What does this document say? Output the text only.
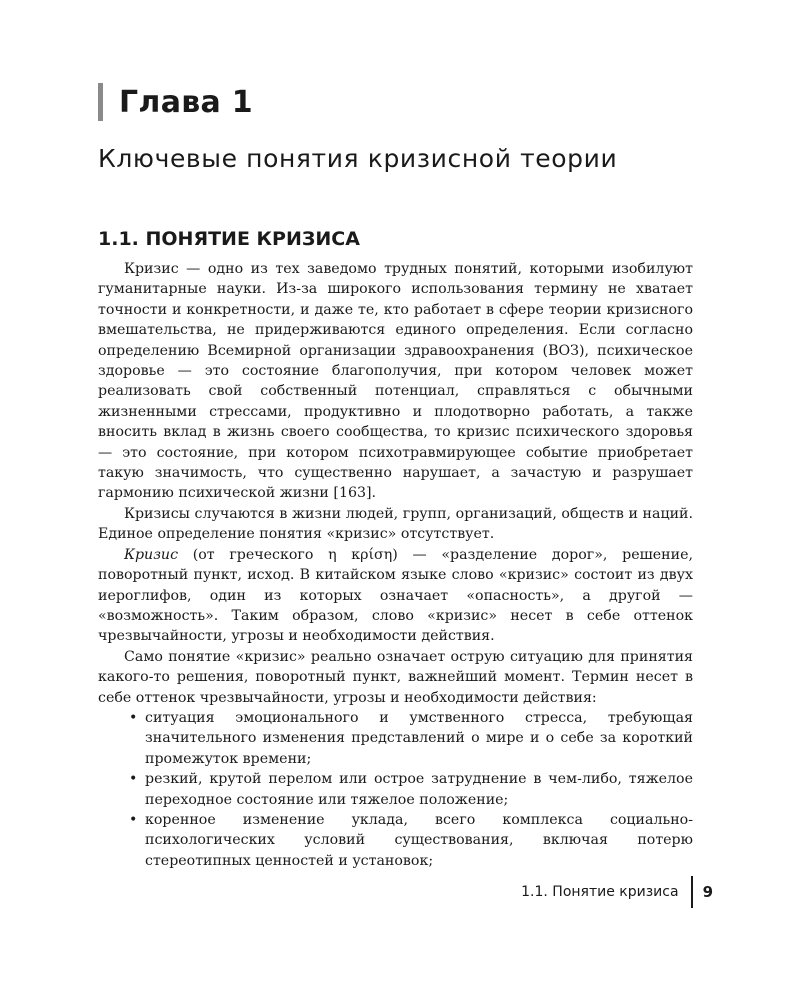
Глава 1
Ключевые понятия кризисной теории
1.1. ПОНЯТИЕ КРИЗИСА

Кризис — одно из тех заведомо трудных понятий, которыми изобилуют гуманитарные науки. Из-за широкого использования термину не хватает точности и конкретности, и даже те, кто работает в сфере теории кризисного вмешательства, не придерживаются единого определения. Если согласно определению Всемирной организации здравоохранения (ВОЗ), психическое здоровье — это состояние благополучия, при котором человек может реализовать свой собственный потенциал, справляться с обычными жизненными стрессами, продуктивно и плодотворно работать, а также вносить вклад в жизнь своего сообщества, то кризис психического здоровья — это состояние, при котором психотравмирующее событие приобретает такую значимость, что существенно нарушает, а зачастую и разрушает гармонию психической жизни [163].

Кризисы случаются в жизни людей, групп, организаций, обществ и наций. Единое определение понятия «кризис» отсутствует.

Кризис (от греческого η κρίση) — «разделение дорог», решение, поворотный пункт, исход. В китайском языке слово «кризис» состоит из двух иероглифов, один из которых означает «опасность», а другой — «возможность». Таким образом, слово «кризис» несет в себе оттенок чрезвычайности, угрозы и необходимости действия.

Само понятие «кризис» реально означает острую ситуацию для принятия какого-то решения, поворотный пункт, важнейший момент. Термин несет в себе оттенок чрезвычайности, угрозы и необходимости действия:

• ситуация эмоционального и умственного стресса, требующая значительного изменения представлений о мире и о себе за короткий промежуток времени;
• резкий, крутой перелом или острое затруднение в чем-либо, тяжелое переходное состояние или тяжелое положение;
• коренное изменение уклада, всего комплекса социально-психологических условий существования, включая потерю стереотипных ценностей и установок;
1.1. Понятие кризиса 9
